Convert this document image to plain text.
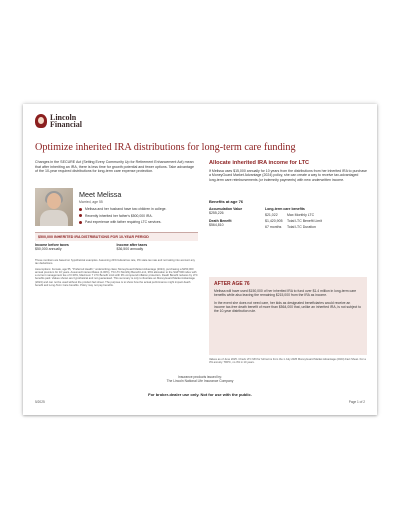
Lincoln
Financial
Optimize inherited IRA distributions for long-term care funding
Changes in the SECURE Act (Setting Every Community Up for Retirement Enhancement Act) mean that after inheriting an IRA, there is less time for growth potential and fewer options. Take advantage of the 10-year required distributions for long-term care expense protection.
Meet Melissa
Married, age 55
Melissa and her husband have two children in college.
Recently inherited her father's $500,000 IRA.
Past experience with father requiring LTC services.
$500,000 INHERITED IRA DISTRIBUTIONS FOR 10-YEAR PERIOD
Income before taxes
$50,000 annually
Income after taxes
$36,500 annually
These numbers are based on hypothetical examples. Assuming 24% federal tax rate, 3% state tax rate and not taking into account any tax deductions.
Assumptions: Female, age 55, "Preferred Health," underwriting class; MoneyGuard Market Advantage (2024), purchasing a $150,000 annual premium for 10 years. Assumed Interest Rates (4.00%), 7% LTC Monthly Benefit Limit, 36% allocation to the S&P 500 index with a current management fee of 0.30%, Maximum 7 LTC Benefit Limit with 3% compound inflation protection. Death Benefit reduces by LTC benefits paid. Values shown are hypothetical and not guaranteed. This summary is only to illustrate an MoneyGuard Market Advantage (2024) and can not be used without the product fact sheet. The purpose is to show how the actual performance might impact death benefit and Long-Term Care benefits. Policy may not pay benefits.
Allocate inherited IRA income for LTC
If Melissa uses $15,000 annually for 10 years from the distributions from her inherited IRA to purchase a MoneyGuard Market Advantage (2024) policy, she can create a way to receive tax-advantaged long-term care reimbursements (or indemnity payments) with new underwritten income.
Benefits at age 76
Accumulation Value
$255,226
Death Benefit
$564,810
Long-term care benefits
$21,022	Max Monthly LTC
$1,420,905	Total LTC Benefit Limit
67 months	Total LTC Duration
AFTER AGE 76
Melissa will have used $150,000 of her inherited IRA to fund over $1.4 million in long-term care benefits while also leaving the remaining $215,000 from the IRA as income.
In the event she does not need care, her kids as designated beneficiaries would receive an income tax-free death benefit of more than $564,000 that, unlike an inherited IRA, is not subject to the 10-year distribution rule.
Values as of June 2025. Check LTC MN for full terms from the 1 July 2025 MoneyGuard Market Advantage (2024) Fact Sheet. For a 3% annuity. TRPC, no 3% in 10 years.
Insurance products issued by:
The Lincoln National Life Insurance Company
For broker-dealer use only. Not for use with the public.
5/2025	Page 1 of 2
